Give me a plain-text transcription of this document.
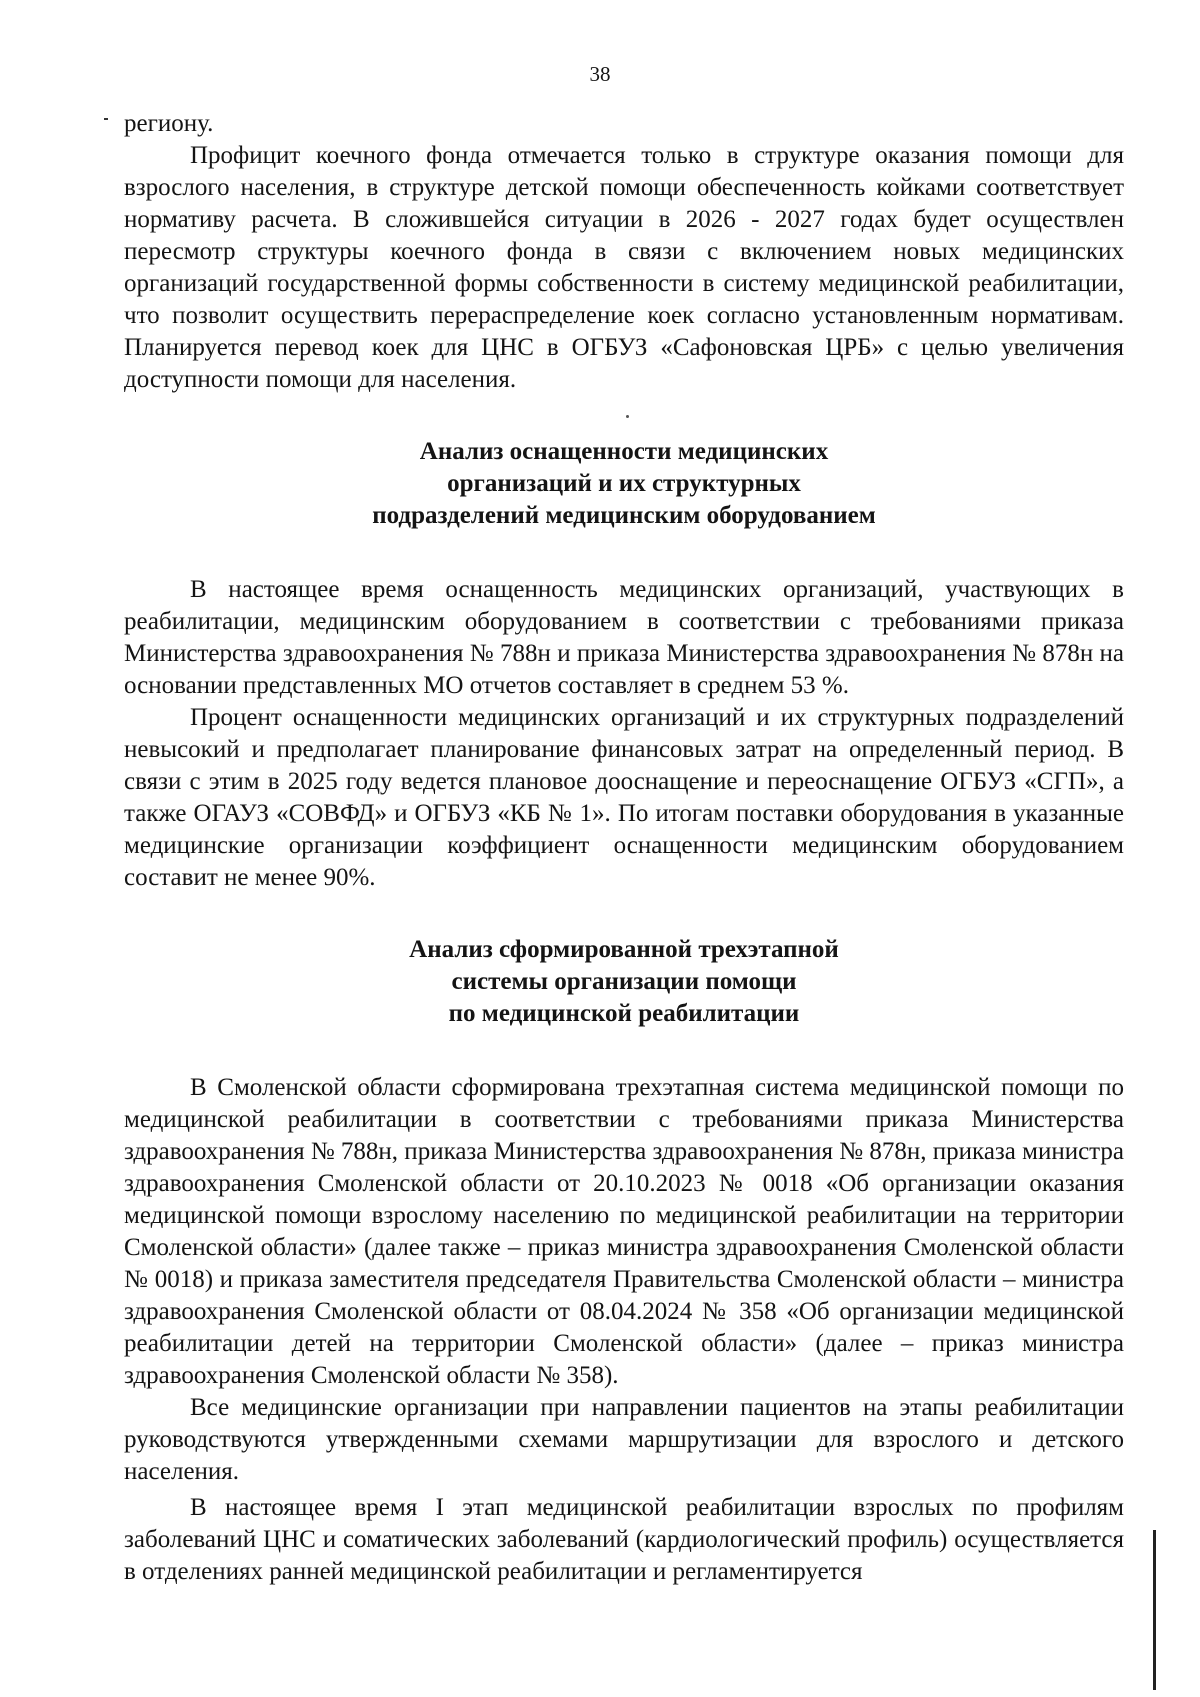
38

региону.

Профицит коечного фонда отмечается только в структуре оказания помощи для взрослого населения, в структуре детской помощи обеспеченность койками соответствует нормативу расчета. В сложившейся ситуации в 2026 - 2027 годах будет осуществлен пересмотр структуры коечного фонда в связи с включением новых медицинских организаций государственной формы собственности в систему медицинской реабилитации, что позволит осуществить перераспределение коек согласно установленным нормативам. Планируется перевод коек для ЦНС в ОГБУЗ «Сафоновская ЦРБ» с целью увеличения доступности помощи для населения.

Анализ оснащенности медицинских
организаций и их структурных
подразделений медицинским оборудованием

В настоящее время оснащенность медицинских организаций, участвующих в реабилитации, медицинским оборудованием в соответствии с требованиями приказа Министерства здравоохранения № 788н и приказа Министерства здравоохранения № 878н на основании представленных МО отчетов составляет в среднем 53 %.

Процент оснащенности медицинских организаций и их структурных подразделений невысокий и предполагает планирование финансовых затрат на определенный период. В связи с этим в 2025 году ведется плановое дооснащение и переоснащение ОГБУЗ «СГП», а также ОГАУЗ «СОВФД» и ОГБУЗ «КБ № 1». По итогам поставки оборудования в указанные медицинские организации коэффициент оснащенности медицинским оборудованием составит не менее 90%.

Анализ сформированной трехэтапной
системы организации помощи
по медицинской реабилитации

В Смоленской области сформирована трехэтапная система медицинской помощи по медицинской реабилитации в соответствии с требованиями приказа Министерства здравоохранения № 788н, приказа Министерства здравоохранения № 878н, приказа министра здравоохранения Смоленской области от 20.10.2023 № 0018 «Об организации оказания медицинской помощи взрослому населению по медицинской реабилитации на территории Смоленской области» (далее также – приказ министра здравоохранения Смоленской области № 0018) и приказа заместителя председателя Правительства Смоленской области – министра здравоохранения Смоленской области от 08.04.2024 № 358 «Об организации медицинской реабилитации детей на территории Смоленской области» (далее – приказ министра здравоохранения Смоленской области № 358).

Все медицинские организации при направлении пациентов на этапы реабилитации руководствуются утвержденными схемами маршрутизации для взрослого и детского населения.

В настоящее время I этап медицинской реабилитации взрослых по профилям заболеваний ЦНС и соматических заболеваний (кардиологический профиль) осуществляется в отделениях ранней медицинской реабилитации и регламентируется
